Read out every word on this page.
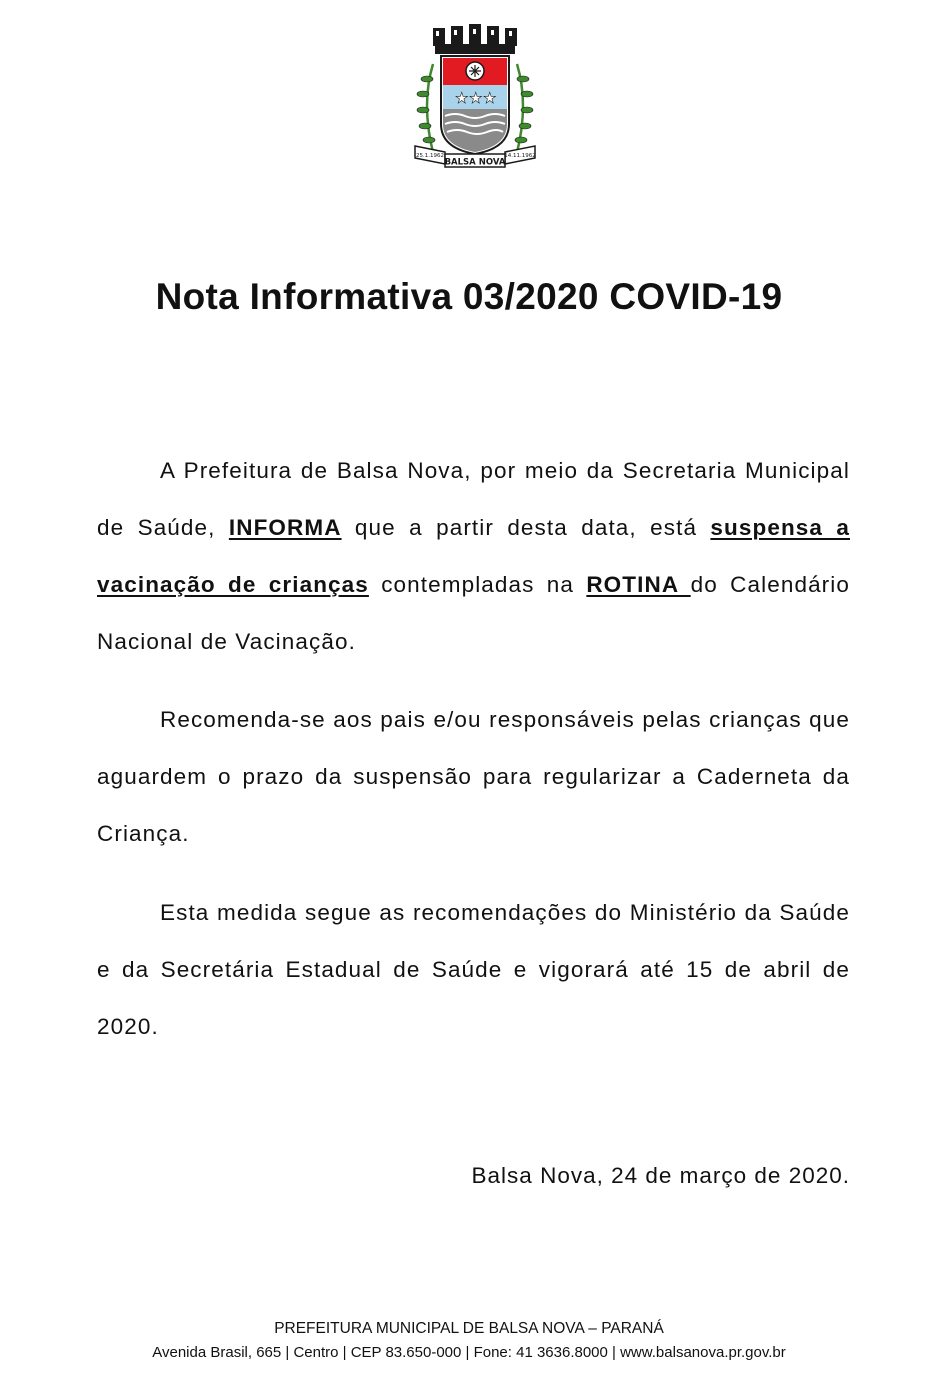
★ ★ ★
BALSA NOVA
25.1.1962	14.11.1962
Nota Informativa 03/2020 COVID-19

A Prefeitura de Balsa Nova, por meio da Secretaria Municipal de Saúde, INFORMA que a partir desta data, está suspensa a vacinação de crianças contempladas na ROTINA do Calendário Nacional de Vacinação.

Recomenda-se aos pais e/ou responsáveis pelas crianças que aguardem o prazo da suspensão para regularizar a Caderneta da Criança.

Esta medida segue as recomendações do Ministério da Saúde e da Secretária Estadual de Saúde e vigorará até 15 de abril de 2020.

Balsa Nova, 24 de março de 2020.
PREFEITURA MUNICIPAL DE BALSA NOVA – PARANÁ
Avenida Brasil, 665 | Centro | CEP 83.650-000 | Fone: 41 3636.8000 | www.balsanova.pr.gov.br
